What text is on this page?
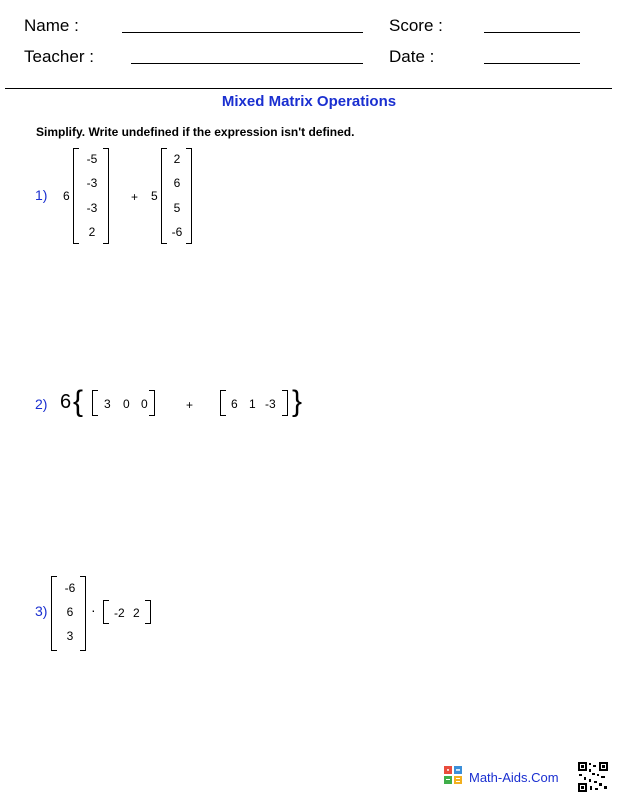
Name :	Score :
Teacher :	Date :
Mixed Matrix Operations
Simplify. Write undefined if the expression isn't defined.
1) 6
-5
-3
-3
2
+ 5
2
6
5
-6
2) 6 { 3 0 0	+	6 1 -3 }
3)
-6
6
3
· -2 2
Math-Aids.Com
